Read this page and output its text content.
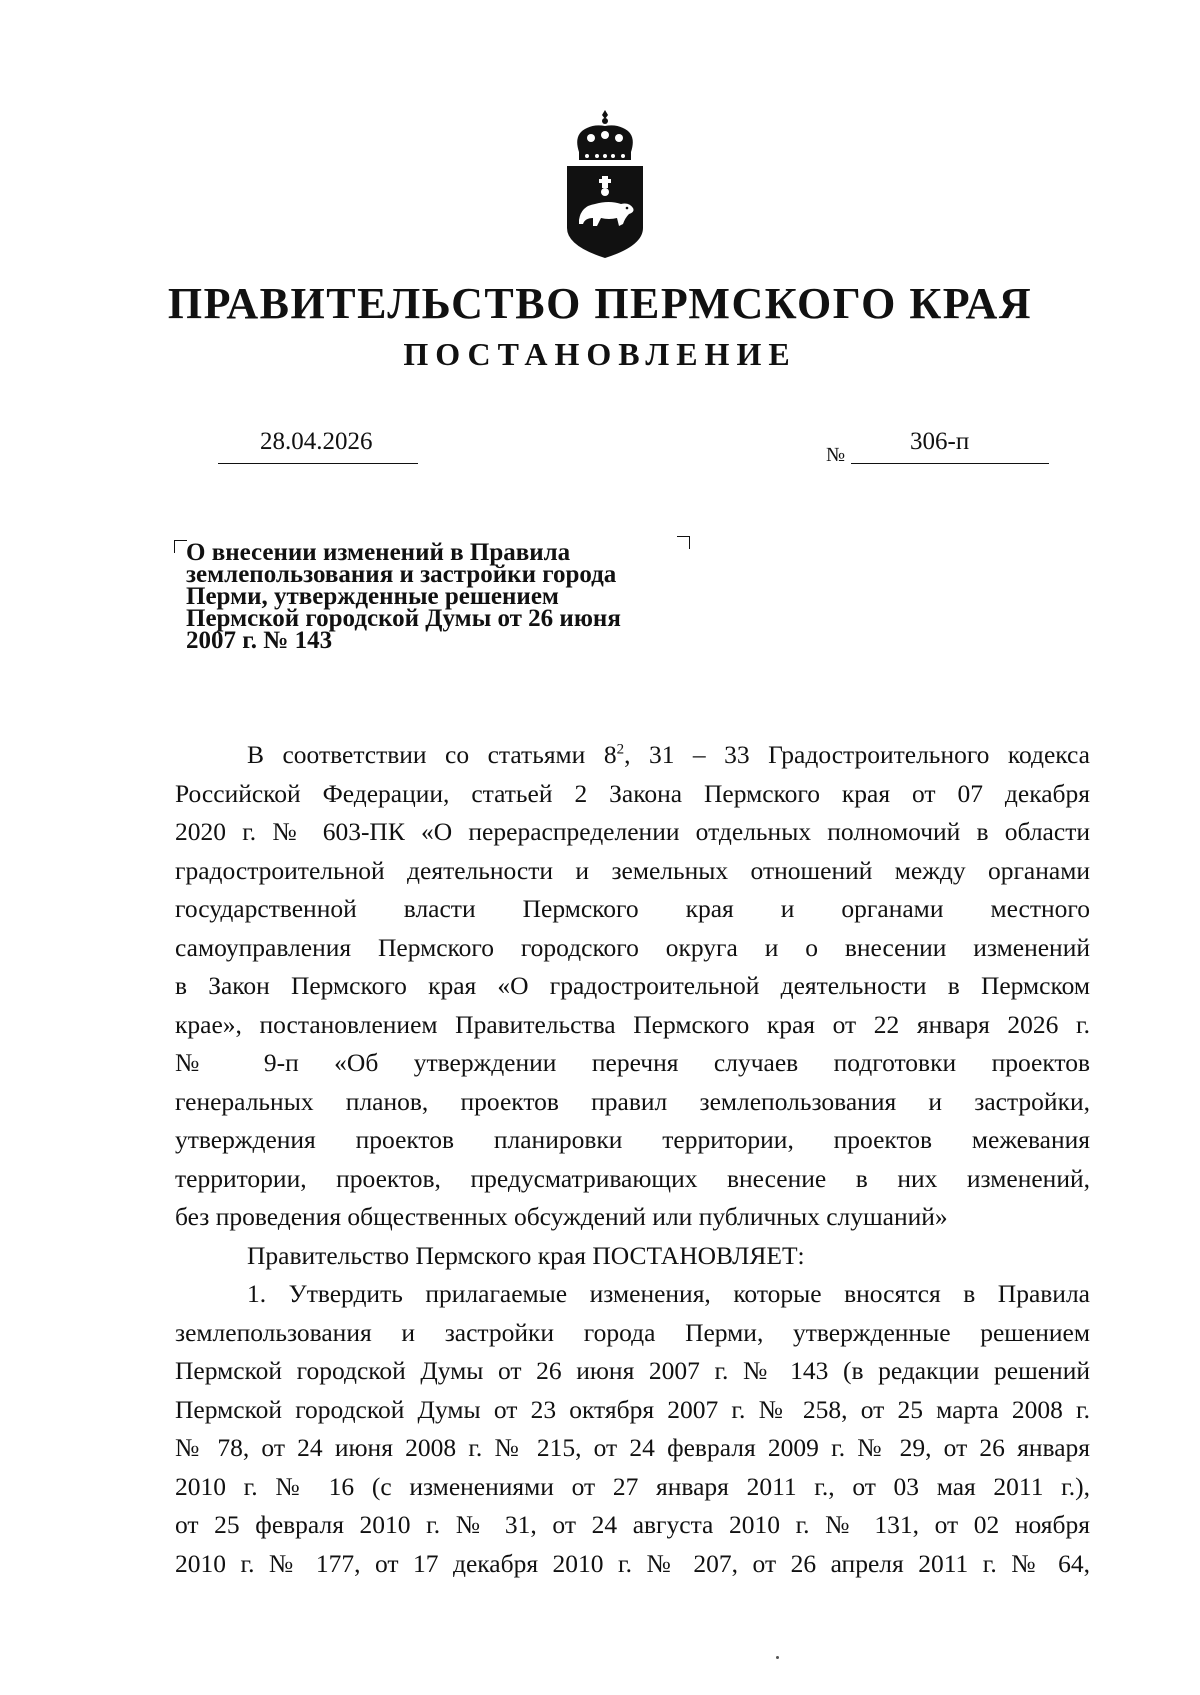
ПРАВИТЕЛЬСТВО ПЕРМСКОГО КРАЯ
ПОСТАНОВЛЕНИЕ
28.04.2026	№	306-п
О внесении изменений в Правила
землепользования и застройки города
Перми, утвержденные решением
Пермской городской Думы от 26 июня
2007 г. № 143
В соответствии со статьями $8^2$, 31 – 33 Градостроительного кодекса
Российской Федерации, статьей 2 Закона Пермского края от 07 декабря
2020 г. № 603-ПК «О перераспределении отдельных полномочий в области
градостроительной деятельности и земельных отношений между органами
государственной власти Пермского края и органами местного
самоуправления Пермского городского округа и о внесении изменений
в Закон Пермского края «О градостроительной деятельности в Пермском
крае», постановлением Правительства Пермского края от 22 января 2026 г.
№ 9-п «Об утверждении перечня случаев подготовки проектов
генеральных планов, проектов правил землепользования и застройки,
утверждения проектов планировки территории, проектов межевания
территории, проектов, предусматривающих внесение в них изменений,
без проведения общественных обсуждений или публичных слушаний»
Правительство Пермского края ПОСТАНОВЛЯЕТ:
1. Утвердить прилагаемые изменения, которые вносятся в Правила
землепользования и застройки города Перми, утвержденные решением
Пермской городской Думы от 26 июня 2007 г. № 143 (в редакции решений
Пермской городской Думы от 23 октября 2007 г. № 258, от 25 марта 2008 г.
№ 78, от 24 июня 2008 г. № 215, от 24 февраля 2009 г. № 29, от 26 января
2010 г. № 16 (с изменениями от 27 января 2011 г., от 03 мая 2011 г.),
от 25 февраля 2010 г. № 31, от 24 августа 2010 г. № 131, от 02 ноября
2010 г. № 177, от 17 декабря 2010 г. № 207, от 26 апреля 2011 г. № 64,
